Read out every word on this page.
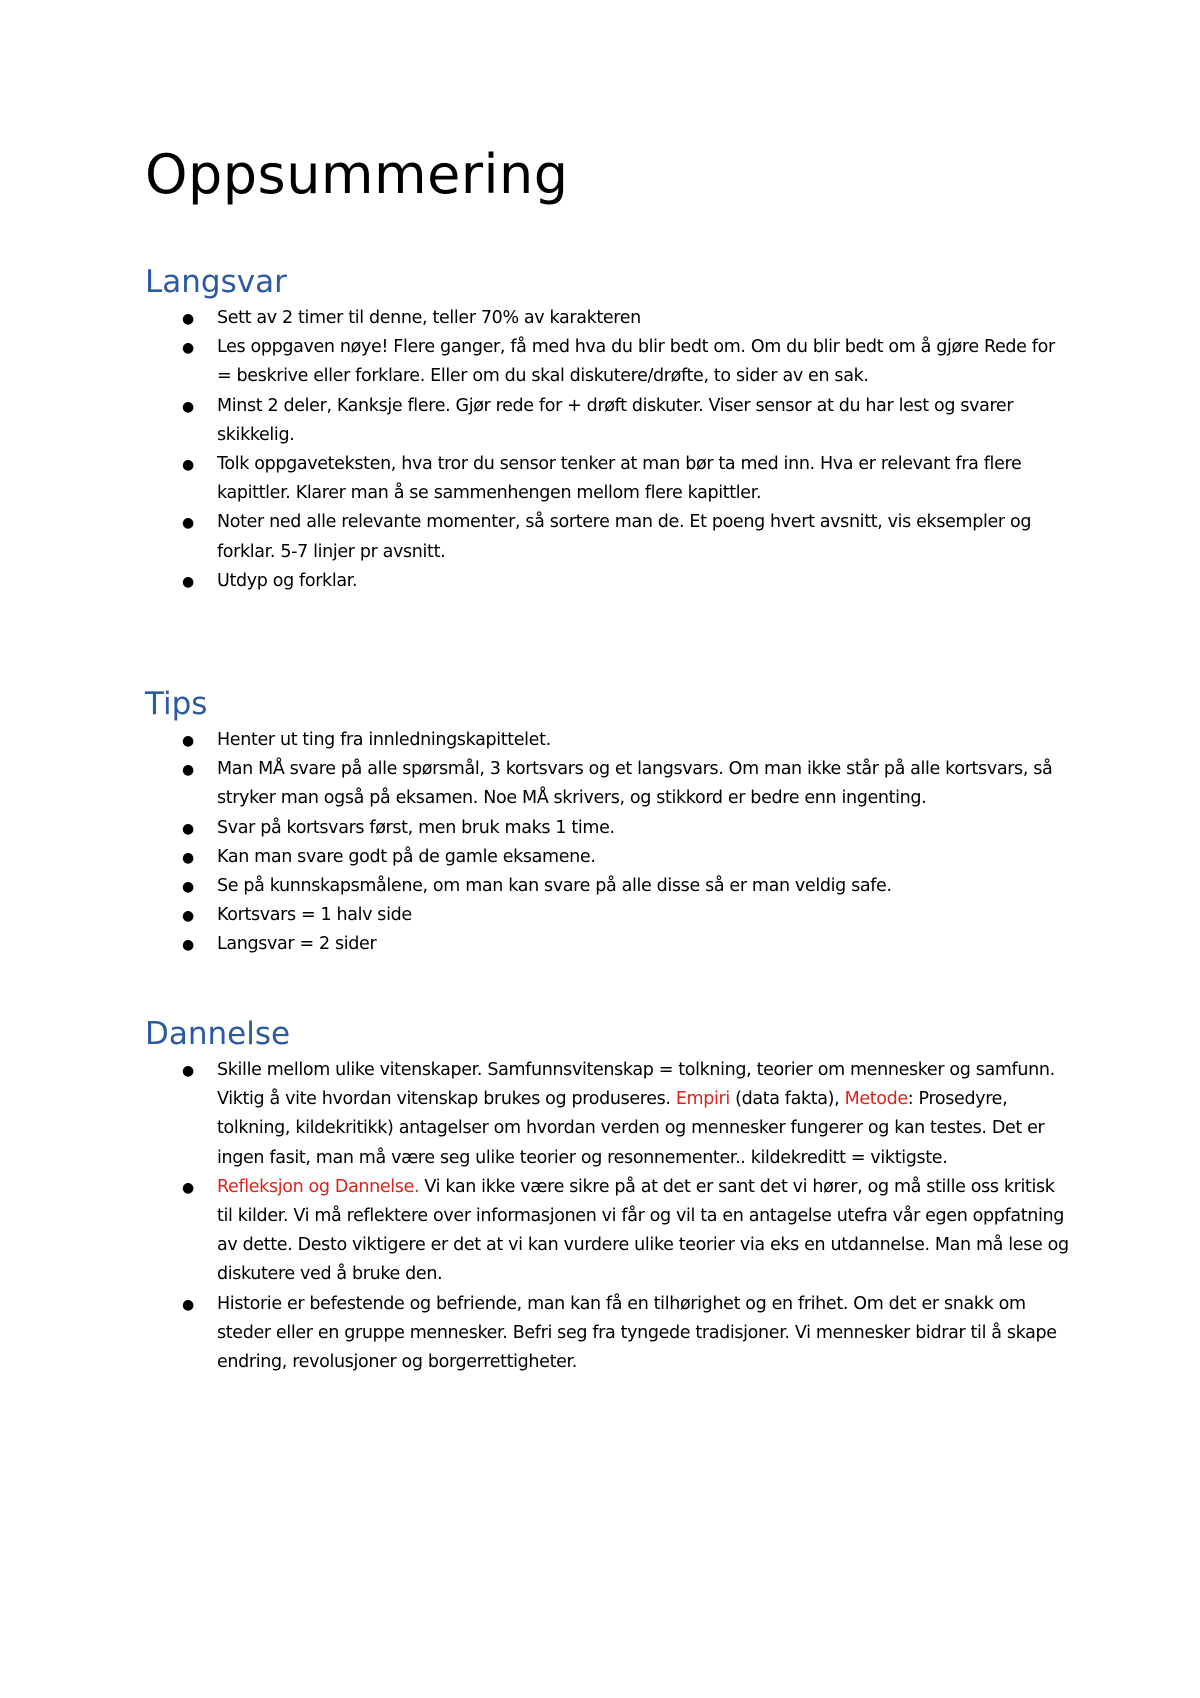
Oppsummering
Langsvar
● Sett av 2 timer til denne, teller 70% av karakteren
● Les oppgaven nøye! Flere ganger, få med hva du blir bedt om. Om du blir bedt om å gjøre Rede for = beskrive eller forklare. Eller om du skal diskutere/drøfte, to sider av en sak.
● Minst 2 deler, Kanksje flere. Gjør rede for + drøft diskuter. Viser sensor at du har lest og svarer skikkelig.
● Tolk oppgaveteksten, hva tror du sensor tenker at man bør ta med inn. Hva er relevant fra flere kapittler. Klarer man å se sammenhengen mellom flere kapittler.
● Noter ned alle relevante momenter, så sortere man de. Et poeng hvert avsnitt, vis eksempler og forklar. 5-7 linjer pr avsnitt.
● Utdyp og forklar.
Tips
● Henter ut ting fra innledningskapittelet.
● Man MÅ svare på alle spørsmål, 3 kortsvars og et langsvars. Om man ikke står på alle kortsvars, så stryker man også på eksamen. Noe MÅ skrivers, og stikkord er bedre enn ingenting.
● Svar på kortsvars først, men bruk maks 1 time.
● Kan man svare godt på de gamle eksamene.
● Se på kunnskapsmålene, om man kan svare på alle disse så er man veldig safe.
● Kortsvars = 1 halv side
● Langsvar = 2 sider
Dannelse
● Skille mellom ulike vitenskaper. Samfunnsvitenskap = tolkning, teorier om mennesker og samfunn. Viktig å vite hvordan vitenskap brukes og produseres. Empiri (data fakta), Metode: Prosedyre, tolkning, kildekritikk) antagelser om hvordan verden og mennesker fungerer og kan testes. Det er ingen fasit, man må være seg ulike teorier og resonnementer.. kildekreditt = viktigste.
● Refleksjon og Dannelse. Vi kan ikke være sikre på at det er sant det vi hører, og må stille oss kritisk til kilder. Vi må reflektere over informasjonen vi får og vil ta en antagelse utefra vår egen oppfatning av dette. Desto viktigere er det at vi kan vurdere ulike teorier via eks en utdannelse. Man må lese og diskutere ved å bruke den.
● Historie er befestende og befriende, man kan få en tilhørighet og en frihet. Om det er snakk om steder eller en gruppe mennesker. Befri seg fra tyngede tradisjoner. Vi mennesker bidrar til å skape endring, revolusjoner og borgerrettigheter.
